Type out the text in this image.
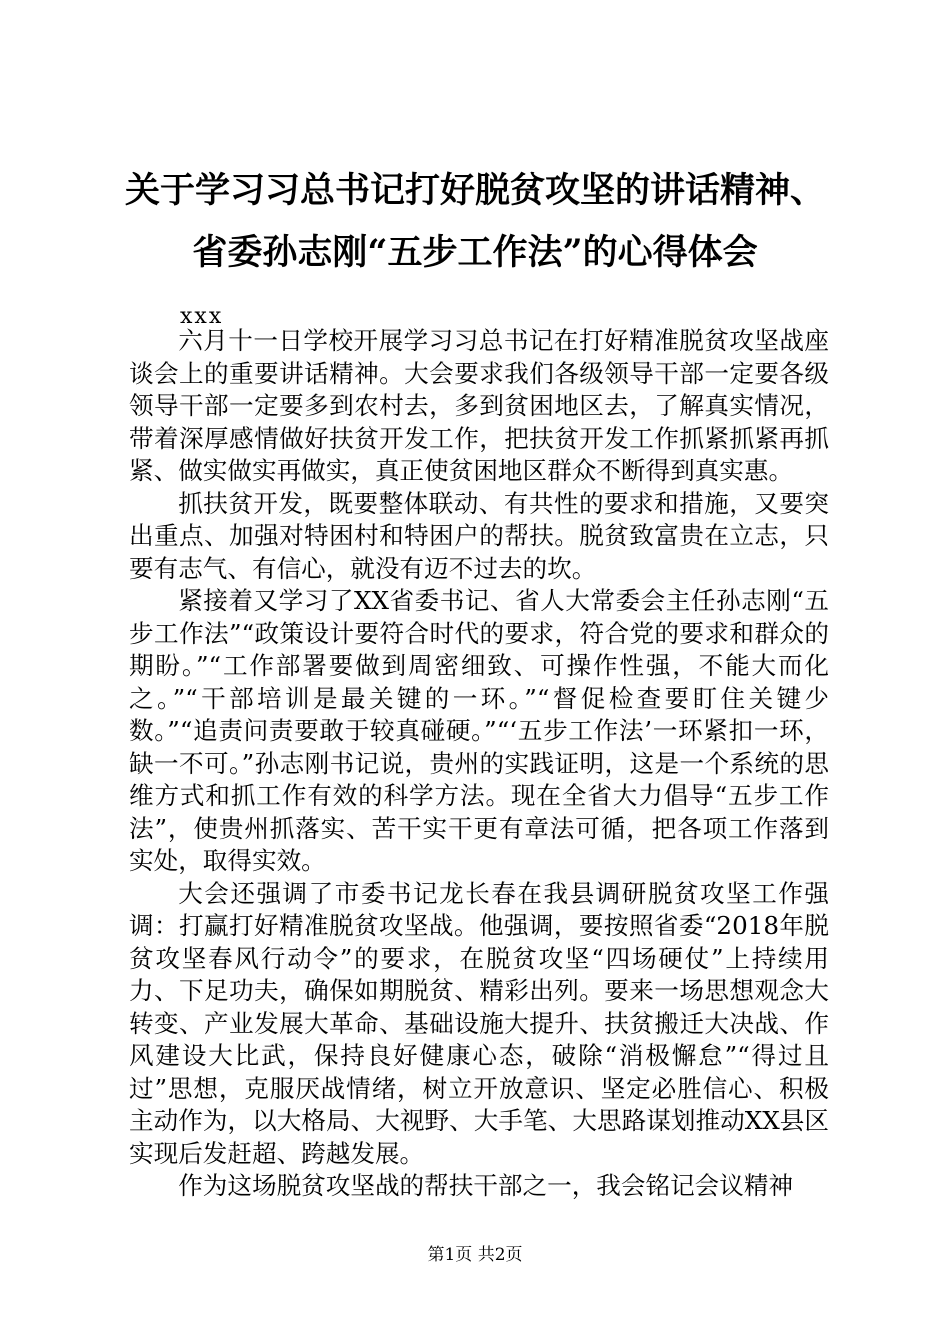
关于学习习总书记打好脱贫攻坚的讲话精神、
省委孙志刚“五步工作法”的心得体会

xxx

六月十一日学校开展学习习总书记在打好精准脱贫攻坚战座谈会上的重要讲话精神。大会要求我们各级领导干部一定要各级领导干部一定要多到农村去，多到贫困地区去，了解真实情况，带着深厚感情做好扶贫开发工作，把扶贫开发工作抓紧抓紧再抓紧、做实做实再做实，真正使贫困地区群众不断得到真实惠。

抓扶贫开发，既要整体联动、有共性的要求和措施，又要突出重点、加强对特困村和特困户的帮扶。脱贫致富贵在立志，只要有志气、有信心，就没有迈不过去的坎。

紧接着又学习了XX省委书记、省人大常委会主任孙志刚“五步工作法”“政策设计要符合时代的要求，符合党的要求和群众的期盼。”“工作部署要做到周密细致、可操作性强，不能大而化之。”“干部培训是最关键的一环。”“督促检查要盯住关键少数。”“追责问责要敢于较真碰硬。”“‘五步工作法’一环紧扣一环，缺一不可。”孙志刚书记说，贵州的实践证明，这是一个系统的思维方式和抓工作有效的科学方法。现在全省大力倡导“五步工作法”，使贵州抓落实、苦干实干更有章法可循，把各项工作落到实处，取得实效。

大会还强调了市委书记龙长春在我县调研脱贫攻坚工作强调：打赢打好精准脱贫攻坚战。他强调，要按照省委“2018年脱贫攻坚春风行动令”的要求，在脱贫攻坚“四场硬仗”上持续用力、下足功夫，确保如期脱贫、精彩出列。要来一场思想观念大转变、产业发展大革命、基础设施大提升、扶贫搬迁大决战、作风建设大比武，保持良好健康心态，破除“消极懈怠”“得过且过”思想，克服厌战情绪，树立开放意识、坚定必胜信心、积极主动作为，以大格局、大视野、大手笔、大思路谋划推动XX县区实现后发赶超、跨越发展。

作为这场脱贫攻坚战的帮扶干部之一，我会铭记会议精神

第1页 共2页
